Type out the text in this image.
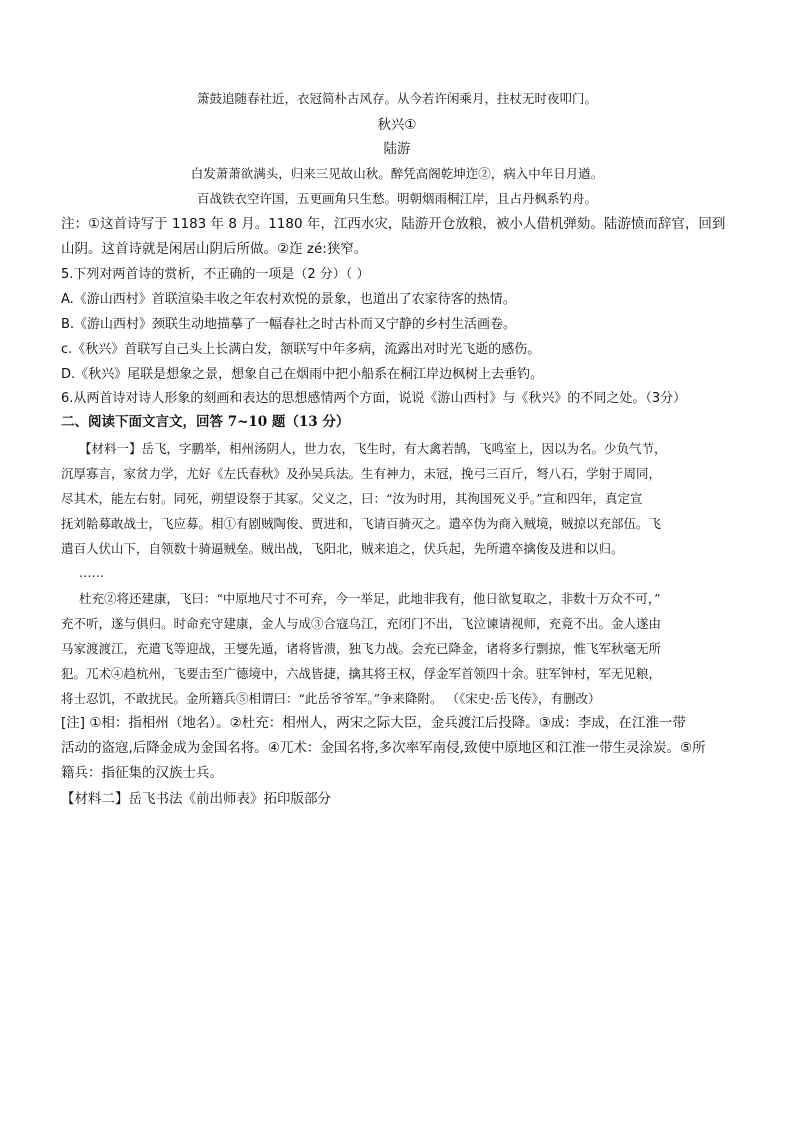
箫鼓追随春社近，衣冠简朴古风存。从今若许闲乘月，拄杖无时夜叩门。
秋兴①
陆游
白发萧萧欲满头，归来三见故山秋。醉凭高阁乾坤迮②，病入中年日月遒。
百战铁衣空许国，五更画角只生愁。明朝烟雨桐江岸，且占丹枫系钓舟。
注：①这首诗写于 1183 年 8 月。1180 年，江西水灾，陆游开仓放粮，被小人借机弹劾。陆游愤而辞官，回到
山阴。这首诗就是闲居山阴后所做。②迮 zé:狭窄。
5.下列对两首诗的赏析，不正确的一项是（2 分）（ ）
A.《游山西村》首联渲染丰收之年农村欢悦的景象，也道出了农家待客的热情。
B.《游山西村》颈联生动地描摹了一幅春社之时古朴而又宁静的乡村生活画卷。
c.《秋兴》首联写自己头上长满白发，颔联写中年多病，流露出对时光飞逝的感伤。
D.《秋兴》尾联是想象之景，想象自己在烟雨中把小船系在桐江岸边枫树上去垂钓。
6.从两首诗对诗人形象的刻画和表达的思想感情两个方面，说说《游山西村》与《秋兴》的不同之处。（3分）
二、阅读下面文言文，回答 7~10 题（13 分）
【材料一】岳飞，字鹏举，相州汤阴人，世力农，飞生时，有大禽若鹄，飞鸣室上，因以为名。少负气节，
沉厚寡言，家贫力学，尤好《左氏春秋》及孙吴兵法。生有神力，未冠，挽弓三百斤，弩八石，学射于周同，
尽其术，能左右射。同死，朔望设祭于其冢。父义之，曰：“汝为时用，其徇国死义乎。”宣和四年，真定宣
抚刘韐募敢战士，飞应募。相①有剧贼陶俊、贾进和，飞请百骑灭之。遣卒伪为商入贼境，贼掠以充部伍。飞
遣百人伏山下，自领数十骑逼贼垒。贼出战，飞阳北，贼来追之，伏兵起，先所遣卒擒俊及进和以归。
……
杜充②将还建康，飞曰：“中原地尺寸不可弃，今一举足，此地非我有，他日欲复取之，非数十万众不可，”
充不听，遂与俱归。时命充守建康，金人与成③合寇乌江，充闭门不出，飞泣谏请视师，充竟不出。金人遂由
马家渡渡江，充遣飞等迎战，王燮先遁，诸将皆溃，独飞力战。会充已降金，诸将多行剽掠，惟飞军秋毫无所
犯。兀术④趋杭州，飞要击至广德境中，六战皆捷，擒其将王权，俘金军首领四十余。驻军钟村，军无见粮，
将士忍饥，不敢扰民。金所籍兵⑤相谓曰：“此岳爷爷军。”争来降附。 （《宋史·岳飞传》，有删改）
[注] ①相：指相州（地名）。②杜充：相州人，两宋之际大臣，金兵渡江后投降。③成：李成，在江淮一带
活动的盗寇,后降金成为金国名将。④兀术：金国名将,多次率军南侵,致使中原地区和江淮一带生灵涂炭。⑤所
籍兵：指征集的汉族士兵。
【材料二】岳飞书法《前出师表》拓印版部分
